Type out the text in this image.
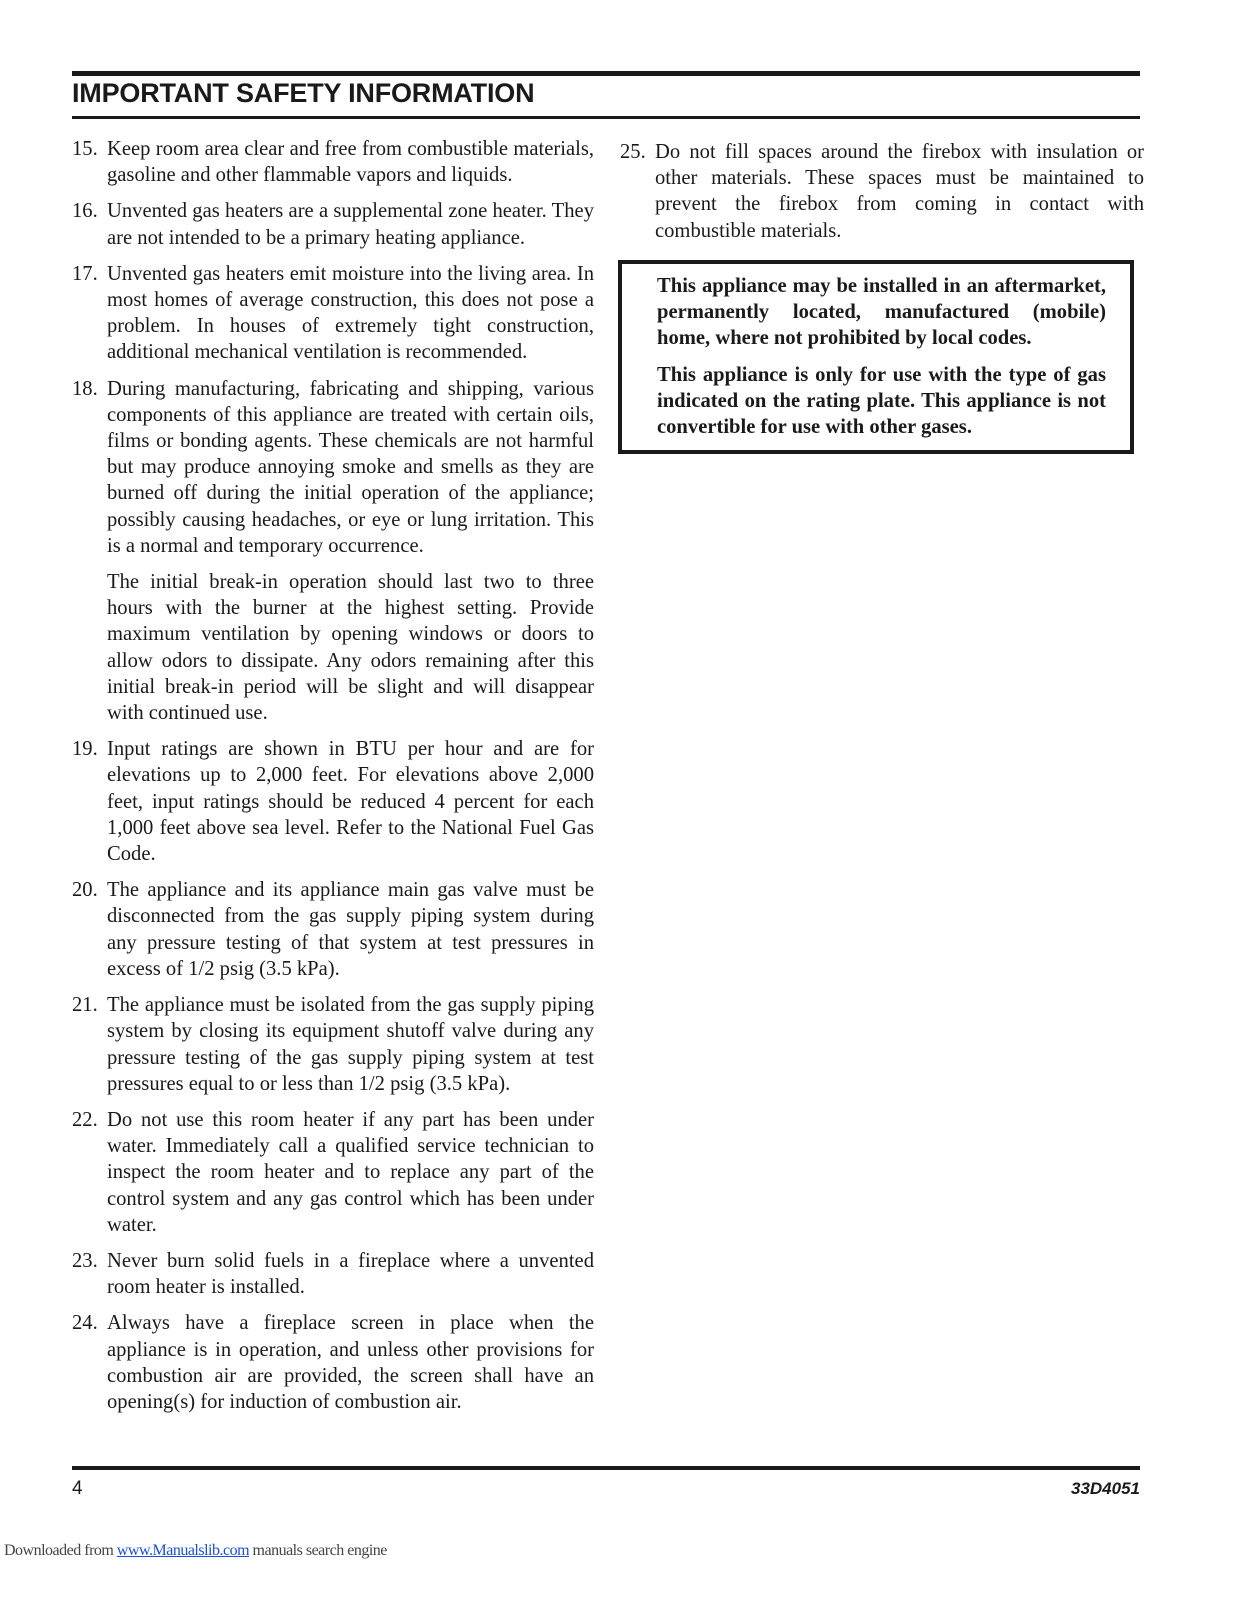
IMPORTANT SAFETY INFORMATION
15. Keep room area clear and free from combustible materials, gasoline and other flammable vapors and liquids.
16. Unvented gas heaters are a supplemental zone heater. They are not intended to be a primary heating appliance.
17. Unvented gas heaters emit moisture into the living area. In most homes of average construction, this does not pose a problem. In houses of extremely tight construction, additional mechanical ventilation is recommended.
18. During manufacturing, fabricating and shipping, various components of this appliance are treated with certain oils, films or bonding agents. These chemicals are not harmful but may produce annoying smoke and smells as they are burned off during the initial operation of the appliance; possibly causing headaches, or eye or lung irritation. This is a normal and temporary occurrence.
The initial break-in operation should last two to three hours with the burner at the highest setting. Provide maximum ventilation by opening windows or doors to allow odors to dissipate. Any odors remaining after this initial break-in period will be slight and will disappear with continued use.
19. Input ratings are shown in BTU per hour and are for elevations up to 2,000 feet. For elevations above 2,000 feet, input ratings should be reduced 4 percent for each 1,000 feet above sea level. Refer to the National Fuel Gas Code.
20. The appliance and its appliance main gas valve must be disconnected from the gas supply piping system during any pressure testing of that system at test pressures in excess of 1/2 psig (3.5 kPa).
21. The appliance must be isolated from the gas supply piping system by closing its equipment shutoff valve during any pressure testing of the gas supply piping system at test pressures equal to or less than 1/2 psig (3.5 kPa).
22. Do not use this room heater if any part has been under water. Immediately call a qualified service technician to inspect the room heater and to replace any part of the control system and any gas control which has been under water.
23. Never burn solid fuels in a fireplace where a unvented room heater is installed.
24. Always have a fireplace screen in place when the appliance is in operation, and unless other provisions for combustion air are provided, the screen shall have an opening(s) for induction of combustion air.
25. Do not fill spaces around the firebox with insulation or other materials. These spaces must be maintained to prevent the firebox from coming in contact with combustible materials.

This appliance may be installed in an aftermarket, permanently located, manufactured (mobile) home, where not prohibited by local codes.

This appliance is only for use with the type of gas indicated on the rating plate. This appliance is not convertible for use with other gases.

4	33D4051
Downloaded from www.Manualslib.com manuals search engine
